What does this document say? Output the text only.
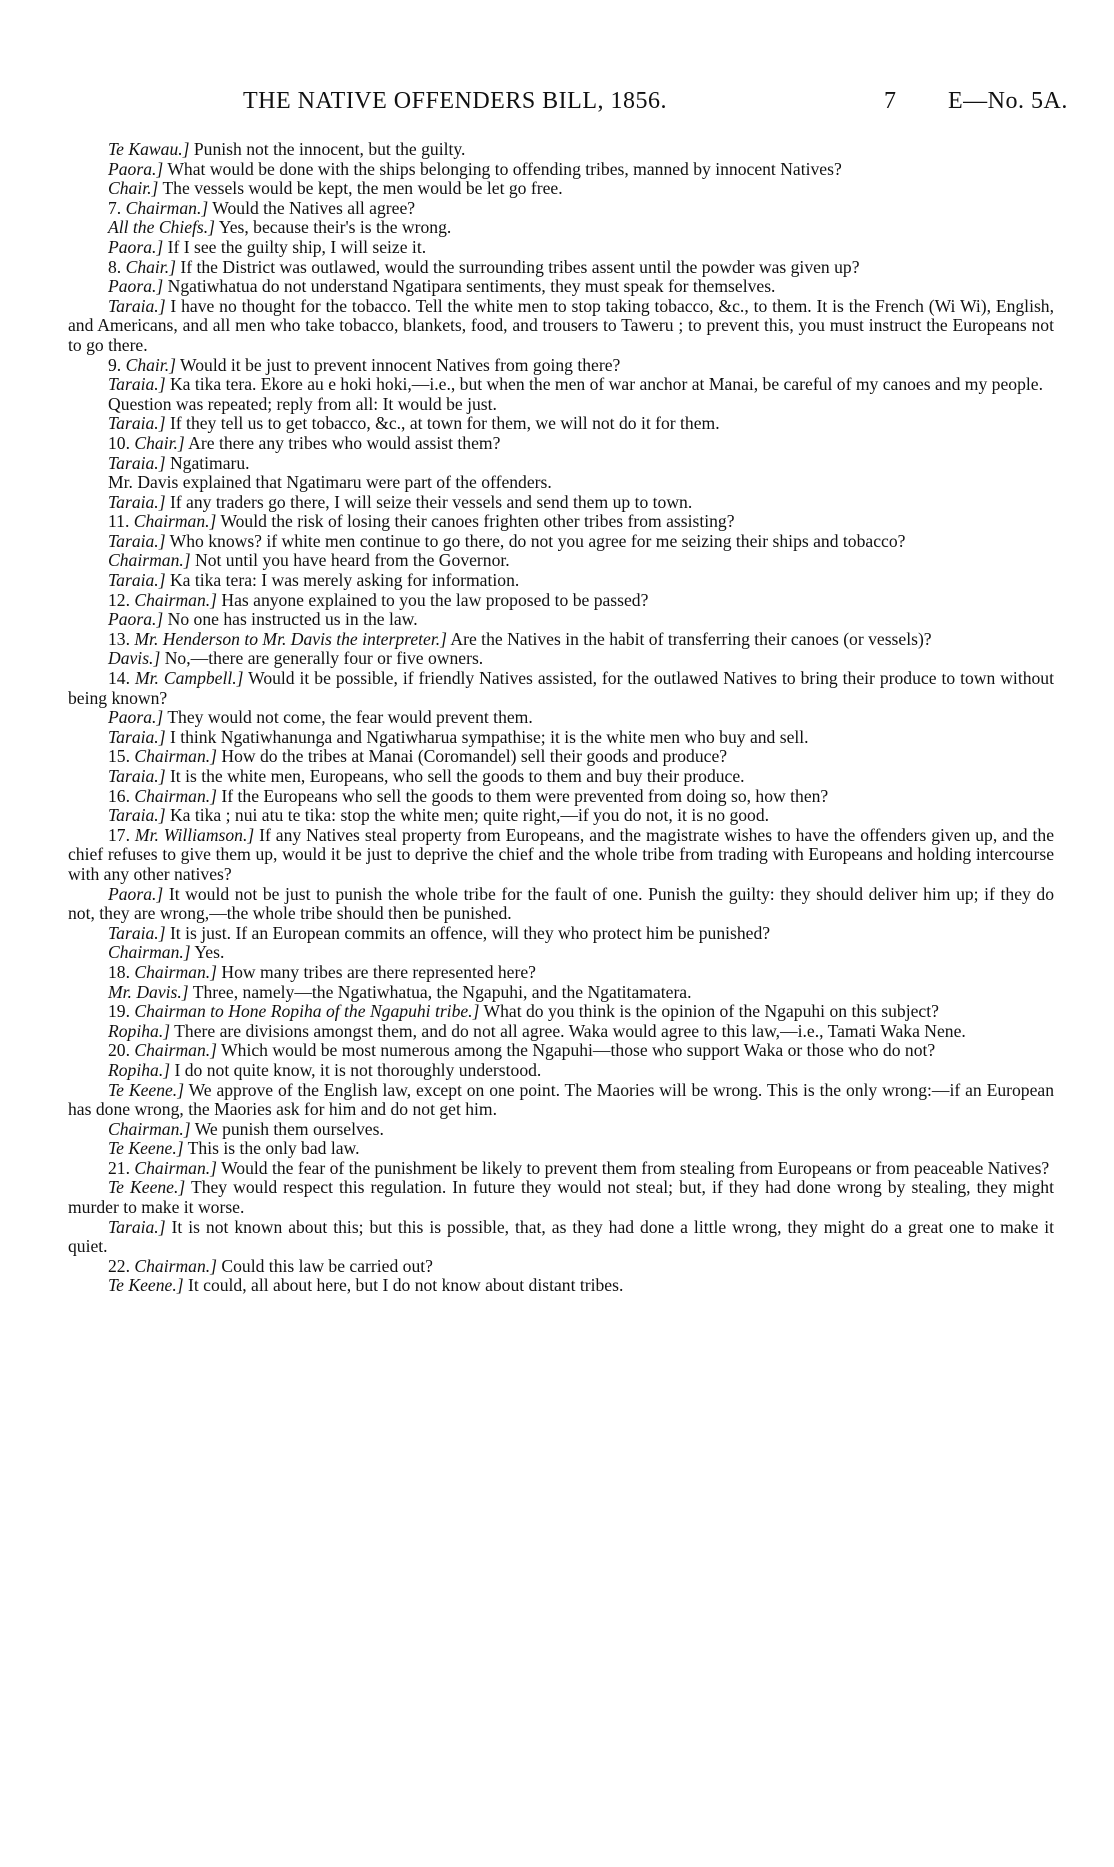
THE NATIVE OFFENDERS BILL, 1856.	7 E—No. 5A.

Te Kawau.] Punish not the innocent, but the guilty.

Paora.] What would be done with the ships belonging to offending tribes, manned by innocent Natives?

Chair.] The vessels would be kept, the men would be let go free.

7. Chairman.] Would the Natives all agree?

All the Chiefs.] Yes, because their's is the wrong.

Paora.] If I see the guilty ship, I will seize it.

8. Chair.] If the District was outlawed, would the surrounding tribes assent until the powder was given up?

Paora.] Ngatiwhatua do not understand Ngatipara sentiments, they must speak for themselves.

Taraia.] I have no thought for the tobacco. Tell the white men to stop taking tobacco, &c., to them. It is the French (Wi Wi), English, and Americans, and all men who take tobacco, blankets, food, and trousers to Taweru ; to prevent this, you must instruct the Europeans not to go there.

9. Chair.] Would it be just to prevent innocent Natives from going there?

Taraia.] Ka tika tera. Ekore au e hoki hoki,—i.e., but when the men of war anchor at Manai, be careful of my canoes and my people.

Question was repeated; reply from all: It would be just.

Taraia.] If they tell us to get tobacco, &c., at town for them, we will not do it for them.

10. Chair.] Are there any tribes who would assist them?

Taraia.] Ngatimaru.

Mr. Davis explained that Ngatimaru were part of the offenders.

Taraia.] If any traders go there, I will seize their vessels and send them up to town.

11. Chairman.] Would the risk of losing their canoes frighten other tribes from assisting?

Taraia.] Who knows? if white men continue to go there, do not you agree for me seizing their ships and tobacco?

Chairman.] Not until you have heard from the Governor.

Taraia.] Ka tika tera: I was merely asking for information.

12. Chairman.] Has anyone explained to you the law proposed to be passed?

Paora.] No one has instructed us in the law.

13. Mr. Henderson to Mr. Davis the interpreter.] Are the Natives in the habit of transferring their canoes (or vessels)?

Davis.] No,—there are generally four or five owners.

14. Mr. Campbell.] Would it be possible, if friendly Natives assisted, for the outlawed Natives to bring their produce to town without being known?

Paora.] They would not come, the fear would prevent them.

Taraia.] I think Ngatiwhanunga and Ngatiwharua sympathise; it is the white men who buy and sell.

15. Chairman.] How do the tribes at Manai (Coromandel) sell their goods and produce?

Taraia.] It is the white men, Europeans, who sell the goods to them and buy their produce.

16. Chairman.] If the Europeans who sell the goods to them were prevented from doing so, how then?

Taraia.] Ka tika ; nui atu te tika: stop the white men; quite right,—if you do not, it is no good.

17. Mr. Williamson.] If any Natives steal property from Europeans, and the magistrate wishes to have the offenders given up, and the chief refuses to give them up, would it be just to deprive the chief and the whole tribe from trading with Europeans and holding intercourse with any other natives?

Paora.] It would not be just to punish the whole tribe for the fault of one. Punish the guilty: they should deliver him up; if they do not, they are wrong,—the whole tribe should then be punished.

Taraia.] It is just. If an European commits an offence, will they who protect him be punished?

Chairman.] Yes.

18. Chairman.] How many tribes are there represented here?

Mr. Davis.] Three, namely—the Ngatiwhatua, the Ngapuhi, and the Ngatitamatera.

19. Chairman to Hone Ropiha of the Ngapuhi tribe.] What do you think is the opinion of the Ngapuhi on this subject?

Ropiha.] There are divisions amongst them, and do not all agree. Waka would agree to this law,—i.e., Tamati Waka Nene.

20. Chairman.] Which would be most numerous among the Ngapuhi—those who support Waka or those who do not?

Ropiha.] I do not quite know, it is not thoroughly understood.

Te Keene.] We approve of the English law, except on one point. The Maories will be wrong. This is the only wrong:—if an European has done wrong, the Maories ask for him and do not get him.

Chairman.] We punish them ourselves.

Te Keene.] This is the only bad law.

21. Chairman.] Would the fear of the punishment be likely to prevent them from stealing from Europeans or from peaceable Natives?

Te Keene.] They would respect this regulation. In future they would not steal; but, if they had done wrong by stealing, they might murder to make it worse.

Taraia.] It is not known about this; but this is possible, that, as they had done a little wrong, they might do a great one to make it quiet.

22. Chairman.] Could this law be carried out?

Te Keene.] It could, all about here, but I do not know about distant tribes.
